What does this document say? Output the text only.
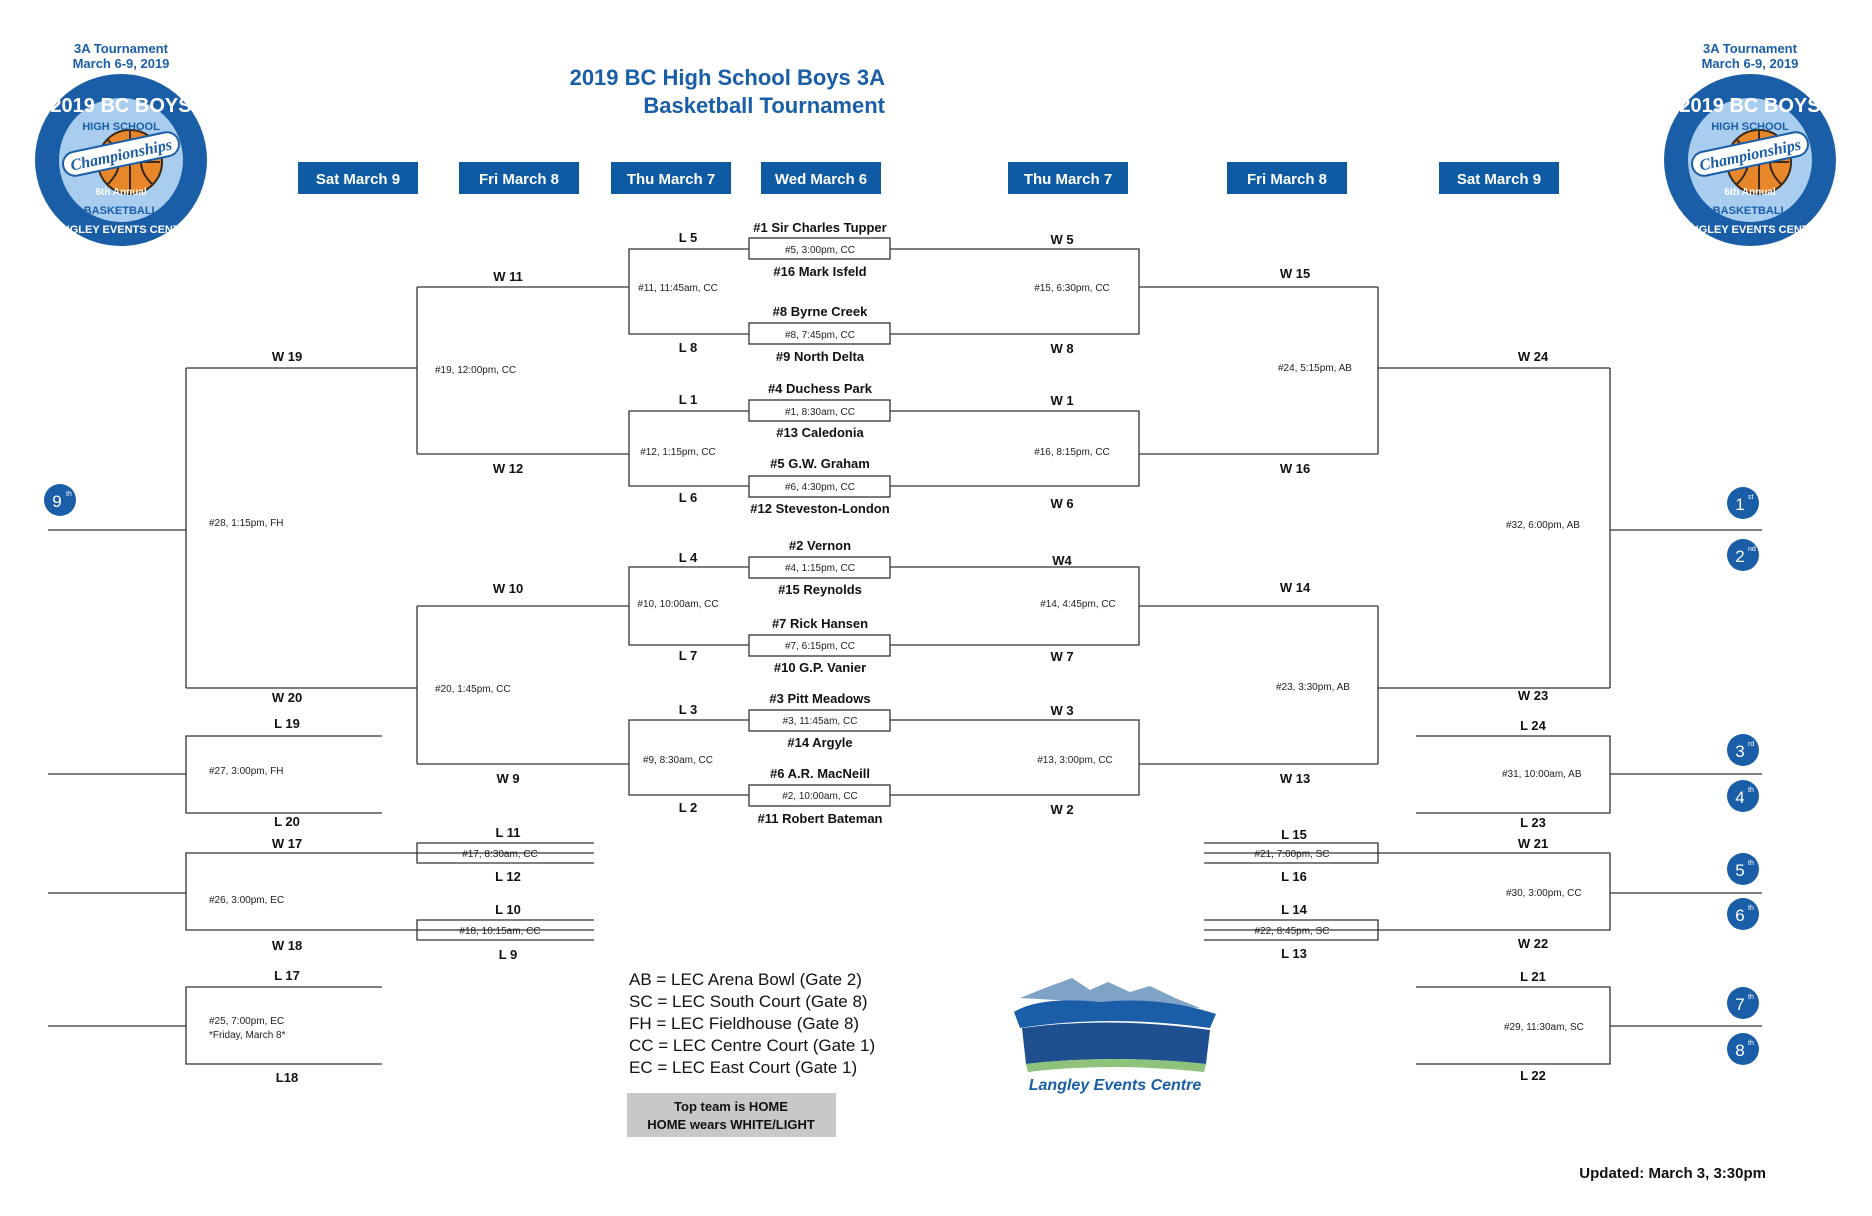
3A Tournament
March 6-9, 2019
Championships
2019 BC BOYS
HIGH SCHOOL
6th Annual
BASKETBALL
LANGLEY EVENTS CENTRE
3A Tournament
March 6-9, 2019
Championships
2019 BC BOYS
HIGH SCHOOL
6th Annual
BASKETBALL
LANGLEY EVENTS CENTRE
2019 BC High School Boys 3A
Basketball Tournament
Sat March 9	Fri March 8	Thu March 7	Wed March 6	Thu March 7	Fri March 8	Sat March 9
#1 Sir Charles Tupper
#5, 3:00pm, CC
#16 Mark Isfeld
#8 Byrne Creek
#8, 7:45pm, CC
#9 North Delta
#4 Duchess Park
#1, 8:30am, CC
#13 Caledonia
#5 G.W. Graham
#6, 4:30pm, CC
#12 Steveston-London
#2 Vernon
#4, 1:15pm, CC
#15 Reynolds
#7 Rick Hansen
#7, 6:15pm, CC
#10 G.P. Vanier
#3 Pitt Meadows
#3, 11:45am, CC
#14 Argyle
#6 A.R. MacNeill
#2, 10:00am, CC
#11 Robert Bateman
L 5
L 8
L 1
L 6
L 4
L 7
L 3
L 2
W 5
W 8
W 1
W 6
W4
W 7
W 3
W 2
#11, 11:45am, CC
#12, 1:15pm, CC
#10, 10:00am, CC
#9, 8:30am, CC
W 11
W 12
W 10
W 9
#19, 12:00pm, CC
#20, 1:45pm, CC
W 19
W 20
#28, 1:15pm, FH
L 19
#27, 3:00pm, FH
L 20
L 11
#17, 8:30am, CC
L 12
L 10
#18, 10:15am, CC
L 9
W 17
#26, 3:00pm, EC
W 18
L 17
#25, 7:00pm, EC
*Friday, March 8*
L18
#15, 6:30pm, CC
#16, 8:15pm, CC
#14, 4:45pm, CC
#13, 3:00pm, CC
W 15
W 16
W 14
W 13
#24, 5:15pm, AB
#23, 3:30pm, AB
W 24
W 23
#32, 6:00pm, AB
L 24
#31, 10:00am, AB
L 23
L 15
#21, 7:00pm, SC
L 16
L 14
#22, 8:45pm, SC
L 13
W 21
#30, 3:00pm, CC
W 22
L 21
#29, 11:30am, SC
L 22
9 th
1 st
2 nd
3 rd
4 th
5 th
6 th
7 th
8 th
AB = LEC Arena Bowl (Gate 2)
SC = LEC South Court (Gate 8)
FH = LEC Fieldhouse (Gate 8)
CC = LEC Centre Court (Gate 1)
EC = LEC East Court (Gate 1)
Top team is HOME
HOME wears WHITE/LIGHT
Langley Events Centre
Updated: March 3, 3:30pm
